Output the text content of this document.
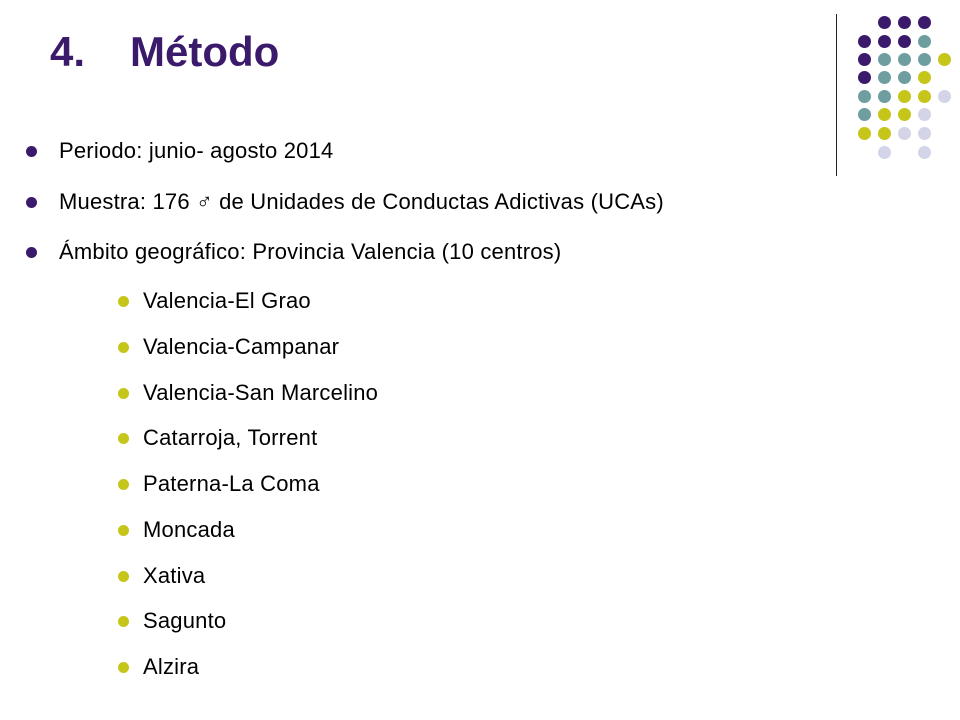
4.	Método
Periodo: junio- agosto 2014
Muestra: 176 ♂ de Unidades de Conductas Adictivas (UCAs)
Ámbito geográfico: Provincia Valencia (10 centros)
Valencia-El Grao
Valencia-Campanar
Valencia-San Marcelino
Catarroja, Torrent
Paterna-La Coma
Moncada
Xativa
Sagunto
Alzira
